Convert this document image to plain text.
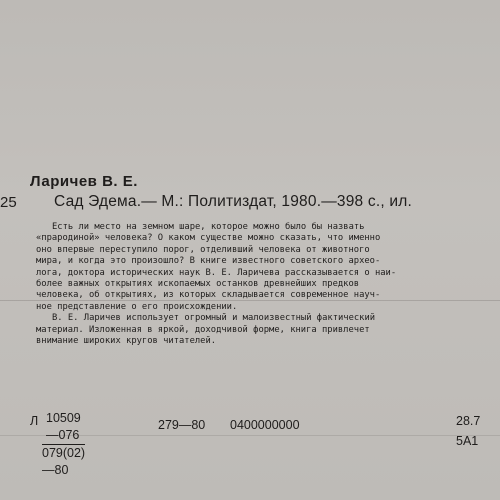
Ларичев В. Е.
25 Сад Эдема.— М.: Политиздат, 1980.—398 с., ил.

Есть ли место на земном шаре, которое можно было бы назвать
«прародиной» человека? О каком существе можно сказать, что именно
оно впервые переступило порог, отделивший человека от животного
мира, и когда это произошло? В книге известного советского архео-
лога, доктора исторических наук В. Е. Ларичева рассказывается о наи-
более важных открытиях ископаемых останков древнейших предков
человека, об открытиях, из которых складывается современное науч-
ное представление о его происхождении.

В. Е. Ларичев использует огромный и малоизвестный фактический
материал. Изложенная в яркой, доходчивой форме, книга привлечет
внимание широких кругов читателей.

Л $\frac{10509—076}{079(02)—80}$	279—80 0400000000	28.7
5А1
